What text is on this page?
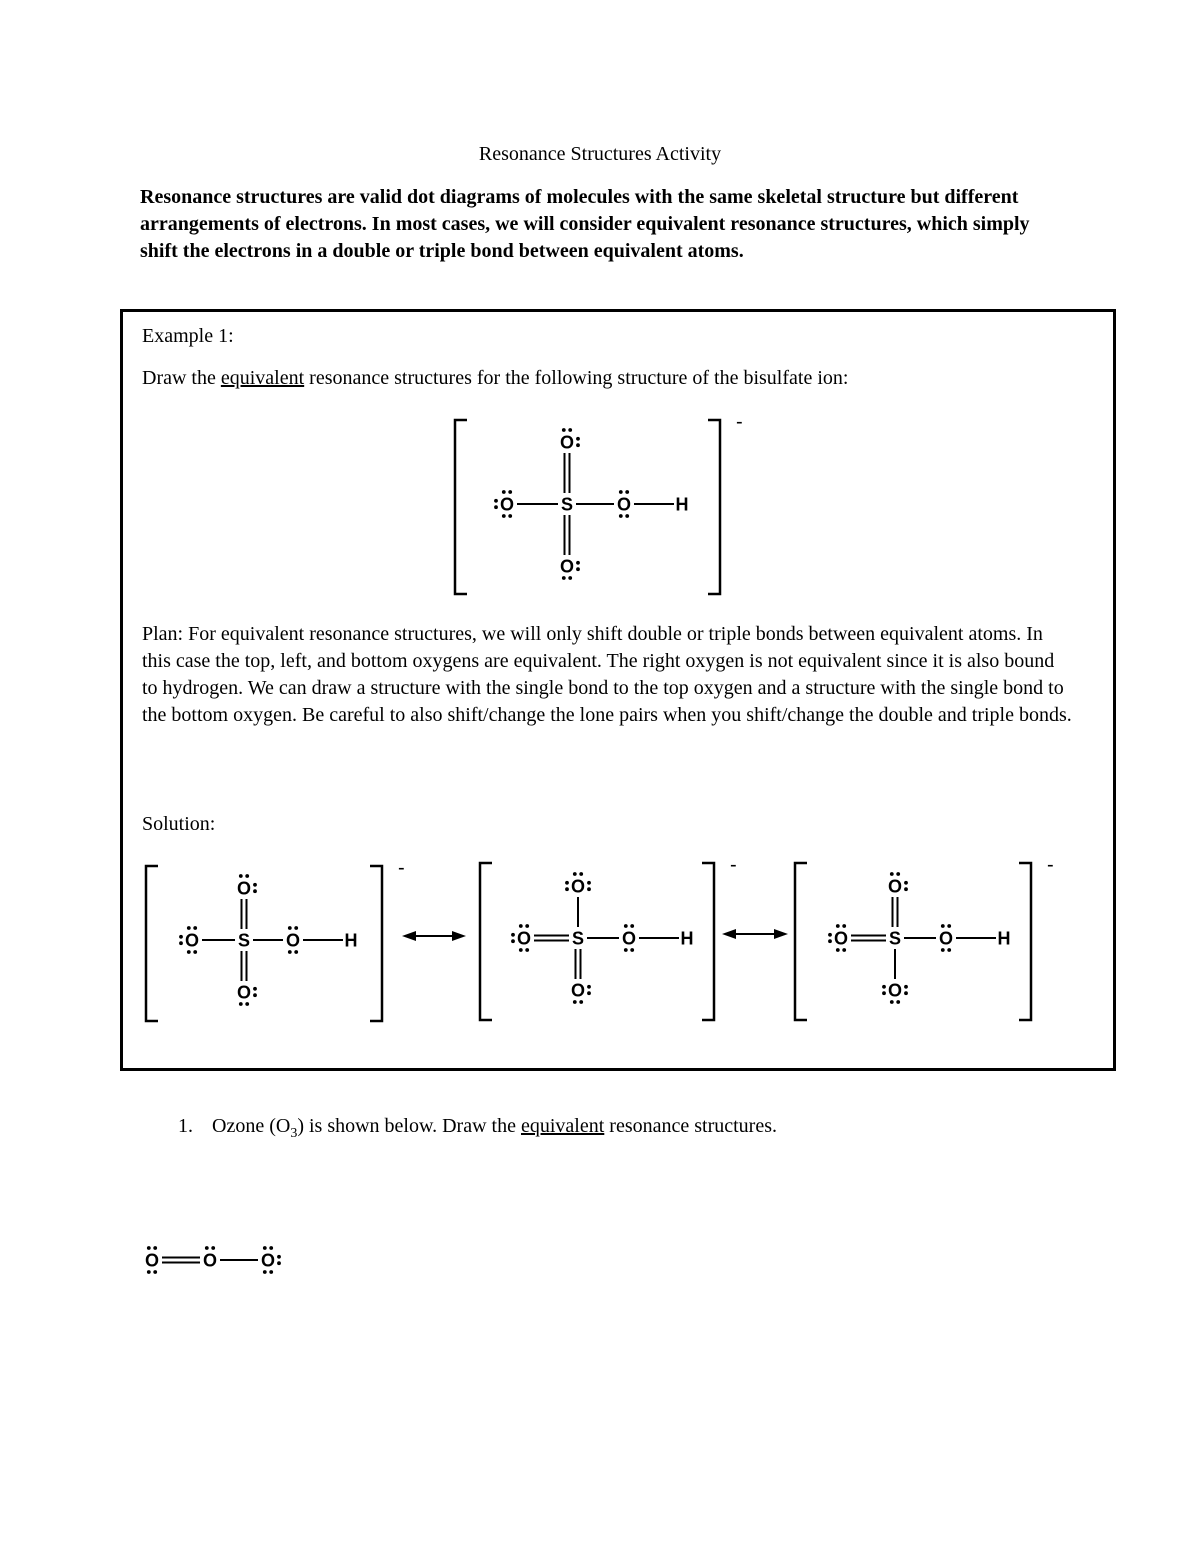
Resonance Structures Activity
Resonance structures are valid dot diagrams of molecules with the same skeletal structure but different arrangements of electrons. In most cases, we will consider equivalent resonance structures, which simply shift the electrons in a double or triple bond between equivalent atoms.
Example 1:
Draw the equivalent resonance structures for the following structure of the bisulfate ion:
Plan: For equivalent resonance structures, we will only shift double or triple bonds between equivalent atoms. In this case the top, left, and bottom oxygens are equivalent. The right oxygen is not equivalent since it is also bound to hydrogen. We can draw a structure with the single bond to the top oxygen and a structure with the single bond to the bottom oxygen. Be careful to also shift/change the lone pairs when you shift/change the double and triple bonds.
Solution:
1. Ozone $(O_3)$ is shown below. Draw the equivalent resonance structures.
-
S
O
O
O	O H
-
S
O
O
O	O H
-
S
O
O
O	O H
-
S
O
O
O	O H
O O O
